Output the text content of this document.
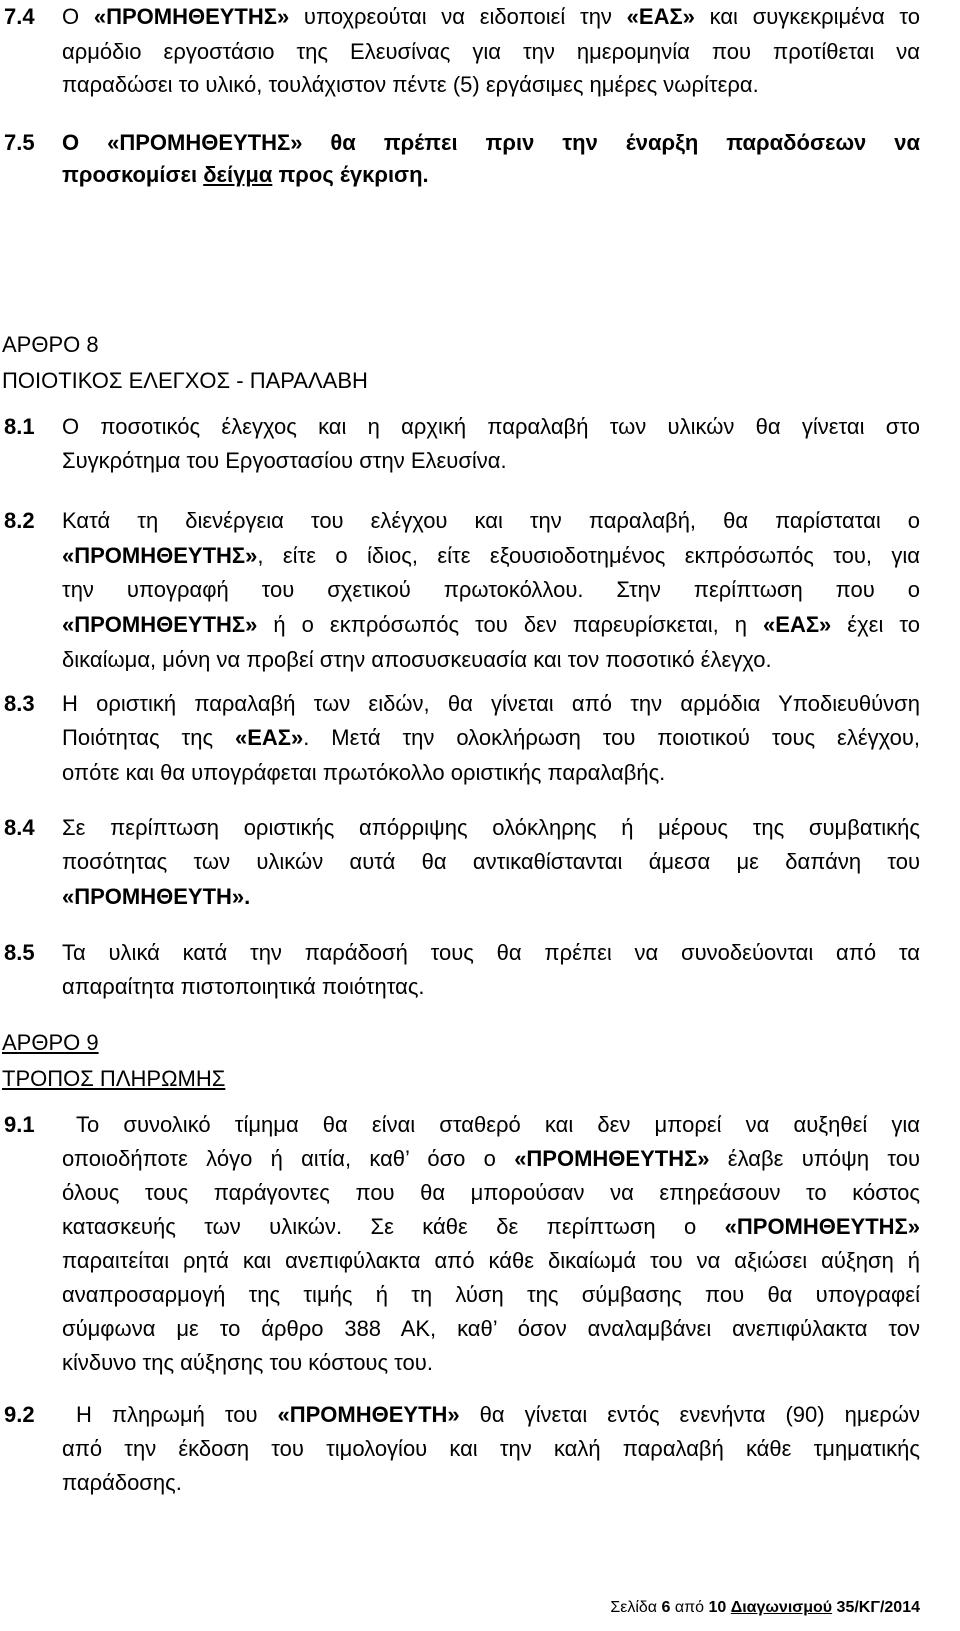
7.4 Ο «ΠΡΟΜΗΘΕΥΤΗΣ» υποχρεούται να ειδοποιεί την «ΕΑΣ» και συγκεκριμένα το
αρμόδιο εργοστάσιο της Ελευσίνας για την ημερομηνία που προτίθεται να
παραδώσει το υλικό, τουλάχιστον πέντε (5) εργάσιμες ημέρες νωρίτερα.
7.5 Ο «ΠΡΟΜΗΘΕΥΤΗΣ» θα πρέπει πριν την έναρξη παραδόσεων να
προσκομίσει δείγμα προς έγκριση.
ΑΡΘΡΟ 8
ΠΟΙΟΤΙΚΟΣ ΕΛΕΓΧΟΣ - ΠΑΡΑΛΑΒΗ
8.1 Ο ποσοτικός έλεγχος και η αρχική παραλαβή των υλικών θα γίνεται στο
Συγκρότημα του Εργοστασίου στην Ελευσίνα.
8.2 Κατά τη διενέργεια του ελέγχου και την παραλαβή, θα παρίσταται ο
«ΠΡΟΜΗΘΕΥΤΗΣ», είτε ο ίδιος, είτε εξουσιοδοτημένος εκπρόσωπός του, για
την υπογραφή του σχετικού πρωτοκόλλου. Στην περίπτωση που ο
«ΠΡΟΜΗΘΕΥΤΗΣ» ή ο εκπρόσωπός του δεν παρευρίσκεται, η «ΕΑΣ» έχει το
δικαίωμα, μόνη να προβεί στην αποσυσκευασία και τον ποσοτικό έλεγχο.
8.3 Η οριστική παραλαβή των ειδών, θα γίνεται από την αρμόδια Υποδιευθύνση
Ποιότητας της «ΕΑΣ». Μετά την ολοκλήρωση του ποιοτικού τους ελέγχου,
οπότε και θα υπογράφεται πρωτόκολλο οριστικής παραλαβής.
8.4 Σε περίπτωση οριστικής απόρριψης ολόκληρης ή μέρους της συμβατικής
ποσότητας των υλικών αυτά θα αντικαθίστανται άμεσα με δαπάνη του
«ΠΡΟΜΗΘΕΥΤΗ».
8.5 Τα υλικά κατά την παράδοσή τους θα πρέπει να συνοδεύονται από τα
απαραίτητα πιστοποιητικά ποιότητας.
ΑΡΘΡΟ 9
ΤΡΟΠΟΣ ΠΛΗΡΩΜΗΣ
9.1 Το συνολικό τίμημα θα είναι σταθερό και δεν μπορεί να αυξηθεί για
οποιοδήποτε λόγο ή αιτία, καθ’ όσο ο «ΠΡΟΜΗΘΕΥΤΗΣ» έλαβε υπόψη του
όλους τους παράγοντες που θα μπορούσαν να επηρεάσουν το κόστος
κατασκευής των υλικών. Σε κάθε δε περίπτωση ο «ΠΡΟΜΗΘΕΥΤΗΣ»
παραιτείται ρητά και ανεπιφύλακτα από κάθε δικαίωμά του να αξιώσει αύξηση ή
αναπροσαρμογή της τιμής ή τη λύση της σύμβασης που θα υπογραφεί
σύμφωνα με το άρθρο 388 ΑΚ, καθ’ όσον αναλαμβάνει ανεπιφύλακτα τον
κίνδυνο της αύξησης του κόστους του.
9.2 Η πληρωμή του «ΠΡΟΜΗΘΕΥΤΗ» θα γίνεται εντός ενενήντα (90) ημερών
από την έκδοση του τιμολογίου και την καλή παραλαβή κάθε τμηματικής
παράδοσης.
Σελίδα 6 από 10 Διαγωνισμού 35/ΚΓ/2014
